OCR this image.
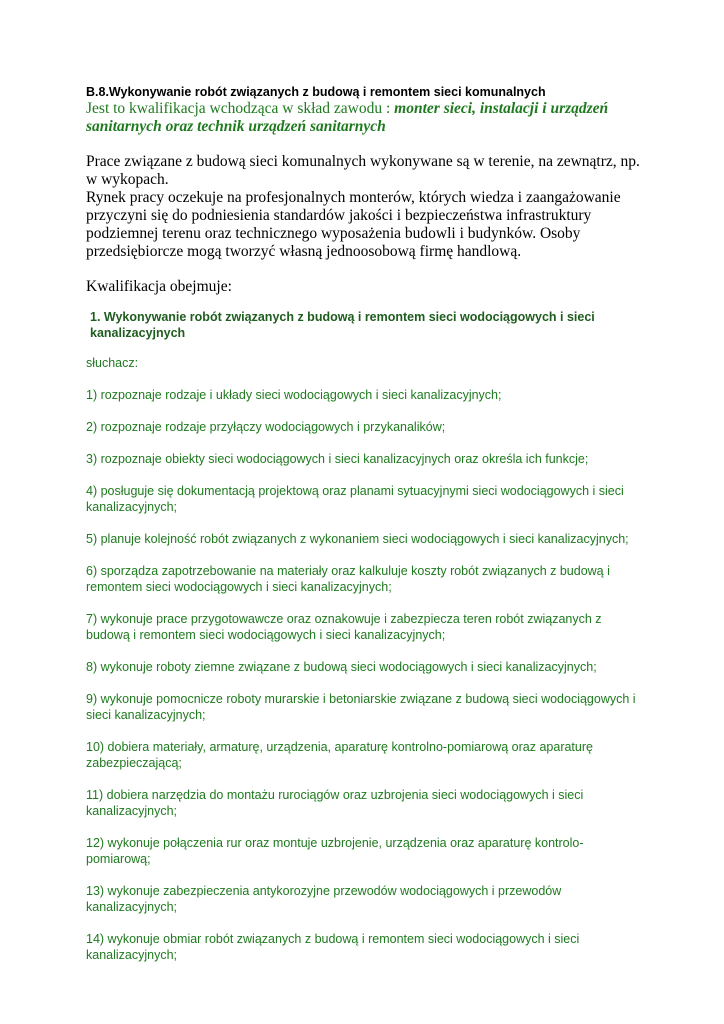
B.8.Wykonywanie robót związanych z budową i remontem sieci komunalnych
Jest to kwalifikacja wchodząca w skład zawodu : monter sieci, instalacji i urządzeń sanitarnych oraz technik urządzeń sanitarnych
Prace związane z budową sieci komunalnych wykonywane są w terenie, na zewnątrz, np. w wykopach.
Rynek pracy oczekuje na profesjonalnych monterów, których wiedza i zaangażowanie przyczyni się do podniesienia standardów jakości i bezpieczeństwa infrastruktury podziemnej terenu oraz technicznego wyposażenia budowli i budynków. Osoby przedsiębiorcze mogą tworzyć własną jednoosobową firmę handlową.
Kwalifikacja obejmuje:
1. Wykonywanie robót związanych z budową i remontem sieci wodociągowych i sieci kanalizacyjnych
słuchacz:
1) rozpoznaje rodzaje i układy sieci wodociągowych i sieci kanalizacyjnych;
2) rozpoznaje rodzaje przyłączy wodociągowych i przykanalików;
3) rozpoznaje obiekty sieci wodociągowych i sieci kanalizacyjnych oraz określa ich funkcje;
4) posługuje się dokumentacją projektową oraz planami sytuacyjnymi sieci wodociągowych i sieci kanalizacyjnych;
5) planuje kolejność robót związanych z wykonaniem sieci wodociągowych i sieci kanalizacyjnych;
6) sporządza zapotrzebowanie na materiały oraz kalkuluje koszty robót związanych z budową i remontem sieci wodociągowych i sieci kanalizacyjnych;
7) wykonuje prace przygotowawcze oraz oznakowuje i zabezpiecza teren robót związanych z budową i remontem sieci wodociągowych i sieci kanalizacyjnych;
8) wykonuje roboty ziemne związane z budową sieci wodociągowych i sieci kanalizacyjnych;
9) wykonuje pomocnicze roboty murarskie i betoniarskie związane z budową sieci wodociągowych i sieci kanalizacyjnych;
10) dobiera materiały, armaturę, urządzenia, aparaturę kontrolno-pomiarową oraz aparaturę zabezpieczającą;
11) dobiera narzędzia do montażu rurociągów oraz uzbrojenia sieci wodociągowych i sieci kanalizacyjnych;
12) wykonuje połączenia rur oraz montuje uzbrojenie, urządzenia oraz aparaturę kontrolo-pomiarową;
13) wykonuje zabezpieczenia antykorozyjne przewodów wodociągowych i przewodów kanalizacyjnych;
14) wykonuje obmiar robót związanych z budową i remontem sieci wodociągowych i sieci kanalizacyjnych;
